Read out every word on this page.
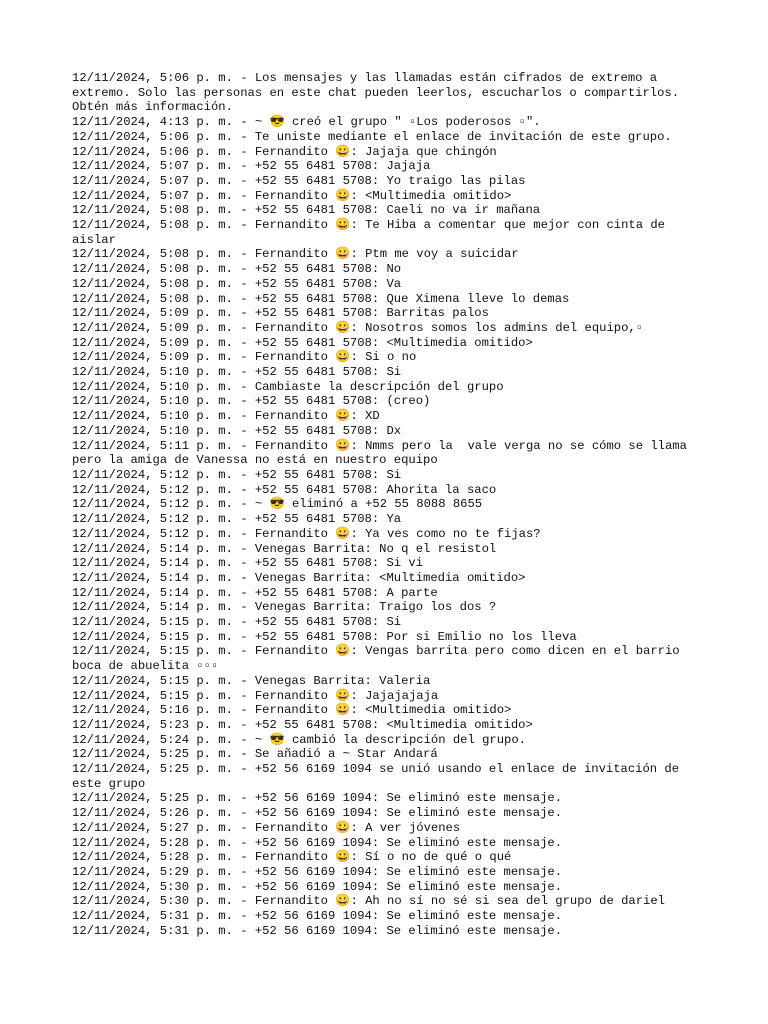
12/11/2024, 5:06 p. m. - Los mensajes y las llamadas están cifrados de extremo a extremo. Solo las personas en este chat pueden leerlos, escucharlos o compartirlos. Obtén más información.

12/11/2024, 4:13 p. m. - ~ 😎 creó el grupo " ▫Los poderosos ▫".

12/11/2024, 5:06 p. m. - Te uniste mediante el enlace de invitación de este grupo.

12/11/2024, 5:06 p. m. - Fernandito 😀: Jajaja que chingón

12/11/2024, 5:07 p. m. - +52 55 6481 5708: Jajaja

12/11/2024, 5:07 p. m. - +52 55 6481 5708: Yo traigo las pilas

12/11/2024, 5:07 p. m. - Fernandito 😀: <Multimedia omitido>

12/11/2024, 5:08 p. m. - +52 55 6481 5708: Caeli no va ir mañana

12/11/2024, 5:08 p. m. - Fernandito 😀: Te Hiba a comentar que mejor con cinta de aislar

12/11/2024, 5:08 p. m. - Fernandito 😀: Ptm me voy a suicidar

12/11/2024, 5:08 p. m. - +52 55 6481 5708: No

12/11/2024, 5:08 p. m. - +52 55 6481 5708: Va

12/11/2024, 5:08 p. m. - +52 55 6481 5708: Que Ximena lleve lo demas

12/11/2024, 5:09 p. m. - +52 55 6481 5708: Barritas palos

12/11/2024, 5:09 p. m. - Fernandito 😀: Nosotros somos los admins del equipo,▫

12/11/2024, 5:09 p. m. - +52 55 6481 5708: <Multimedia omitido>

12/11/2024, 5:09 p. m. - Fernandito 😀: Si o no

12/11/2024, 5:10 p. m. - +52 55 6481 5708: Si

12/11/2024, 5:10 p. m. - Cambiaste la descripción del grupo

12/11/2024, 5:10 p. m. - +52 55 6481 5708: (creo)

12/11/2024, 5:10 p. m. - Fernandito 😀: XD

12/11/2024, 5:10 p. m. - +52 55 6481 5708: Dx

12/11/2024, 5:11 p. m. - Fernandito 😀: Nmms pero la  vale verga no se cómo se llama pero la amiga de Vanessa no está en nuestro equipo

12/11/2024, 5:12 p. m. - +52 55 6481 5708: Si

12/11/2024, 5:12 p. m. - +52 55 6481 5708: Ahorita la saco

12/11/2024, 5:12 p. m. - ~ 😎 eliminó a +52 55 8088 8655

12/11/2024, 5:12 p. m. - +52 55 6481 5708: Ya

12/11/2024, 5:12 p. m. - Fernandito 😀: Ya ves como no te fijas?

12/11/2024, 5:14 p. m. - Venegas Barrita: No q el resistol

12/11/2024, 5:14 p. m. - +52 55 6481 5708: Si vi

12/11/2024, 5:14 p. m. - Venegas Barrita: <Multimedia omitido>

12/11/2024, 5:14 p. m. - +52 55 6481 5708: A parte

12/11/2024, 5:14 p. m. - Venegas Barrita: Traigo los dos ?

12/11/2024, 5:15 p. m. - +52 55 6481 5708: Si

12/11/2024, 5:15 p. m. - +52 55 6481 5708: Por si Emilio no los lleva

12/11/2024, 5:15 p. m. - Fernandito 😀: Vengas barrita pero como dicen en el barrio boca de abuelita ▫▫▫

12/11/2024, 5:15 p. m. - Venegas Barrita: Valeria

12/11/2024, 5:15 p. m. - Fernandito 😀: Jajajajaja

12/11/2024, 5:16 p. m. - Fernandito 😀: <Multimedia omitido>

12/11/2024, 5:23 p. m. - +52 55 6481 5708: <Multimedia omitido>

12/11/2024, 5:24 p. m. - ~ 😎 cambió la descripción del grupo.

12/11/2024, 5:25 p. m. - Se añadió a ~ Star Andará

12/11/2024, 5:25 p. m. - +52 56 6169 1094 se unió usando el enlace de invitación de este grupo

12/11/2024, 5:25 p. m. - +52 56 6169 1094: Se eliminó este mensaje.

12/11/2024, 5:26 p. m. - +52 56 6169 1094: Se eliminó este mensaje.

12/11/2024, 5:27 p. m. - Fernandito 😀: A ver jóvenes

12/11/2024, 5:28 p. m. - +52 56 6169 1094: Se eliminó este mensaje.

12/11/2024, 5:28 p. m. - Fernandito 😀: Sí o no de qué o qué

12/11/2024, 5:29 p. m. - +52 56 6169 1094: Se eliminó este mensaje.

12/11/2024, 5:30 p. m. - +52 56 6169 1094: Se eliminó este mensaje.

12/11/2024, 5:30 p. m. - Fernandito 😀: Ah no sí no sé si sea del grupo de dariel

12/11/2024, 5:31 p. m. - +52 56 6169 1094: Se eliminó este mensaje.

12/11/2024, 5:31 p. m. - +52 56 6169 1094: Se eliminó este mensaje.
